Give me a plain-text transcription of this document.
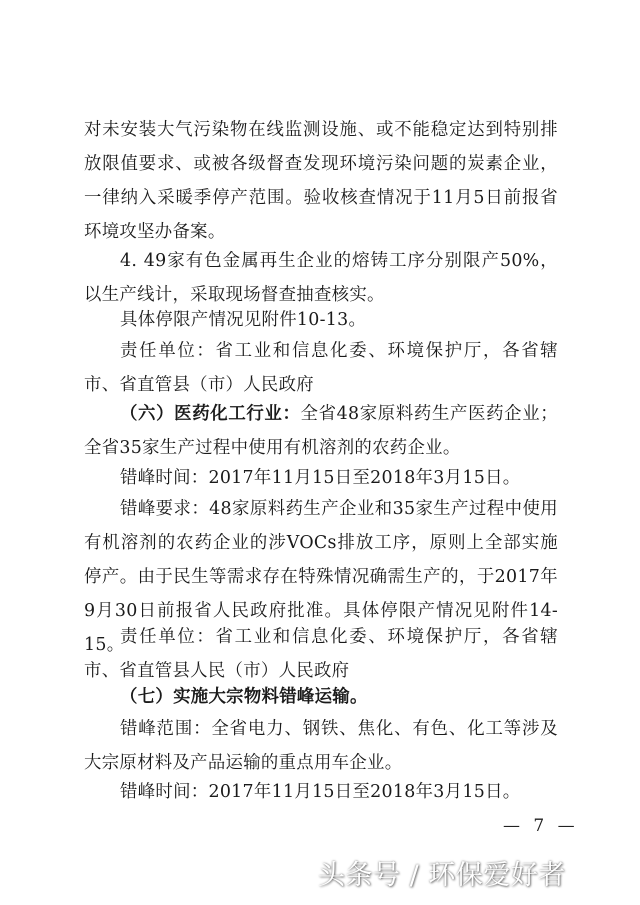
对未安装大气污染物在线监测设施、或不能稳定达到特别排放限值要求、或被各级督查发现环境污染问题的炭素企业，一律纳入采暖季停产范围。验收核查情况于11月5日前报省环境攻坚办备案。

4. 49家有色金属再生企业的熔铸工序分别限产50%，以生产线计，采取现场督查抽查核实。

具体停限产情况见附件10-13。

责任单位：省工业和信息化委、环境保护厅，各省辖市、省直管县（市）人民政府

（六）医药化工行业：全省48家原料药生产医药企业；全省35家生产过程中使用有机溶剂的农药企业。

错峰时间：2017年11月15日至2018年3月15日。

错峰要求：48家原料药生产企业和35家生产过程中使用有机溶剂的农药企业的涉VOCs排放工序，原则上全部实施停产。由于民生等需求存在特殊情况确需生产的，于2017年9月30日前报省人民政府批准。具体停限产情况见附件14-15。

责任单位：省工业和信息化委、环境保护厅，各省辖市、省直管县人民（市）人民政府

（七）实施大宗物料错峰运输。

错峰范围：全省电力、钢铁、焦化、有色、化工等涉及大宗原材料及产品运输的重点用车企业。

错峰时间：2017年11月15日至2018年3月15日。

— 7 —
头条号 / 环保爱好者
